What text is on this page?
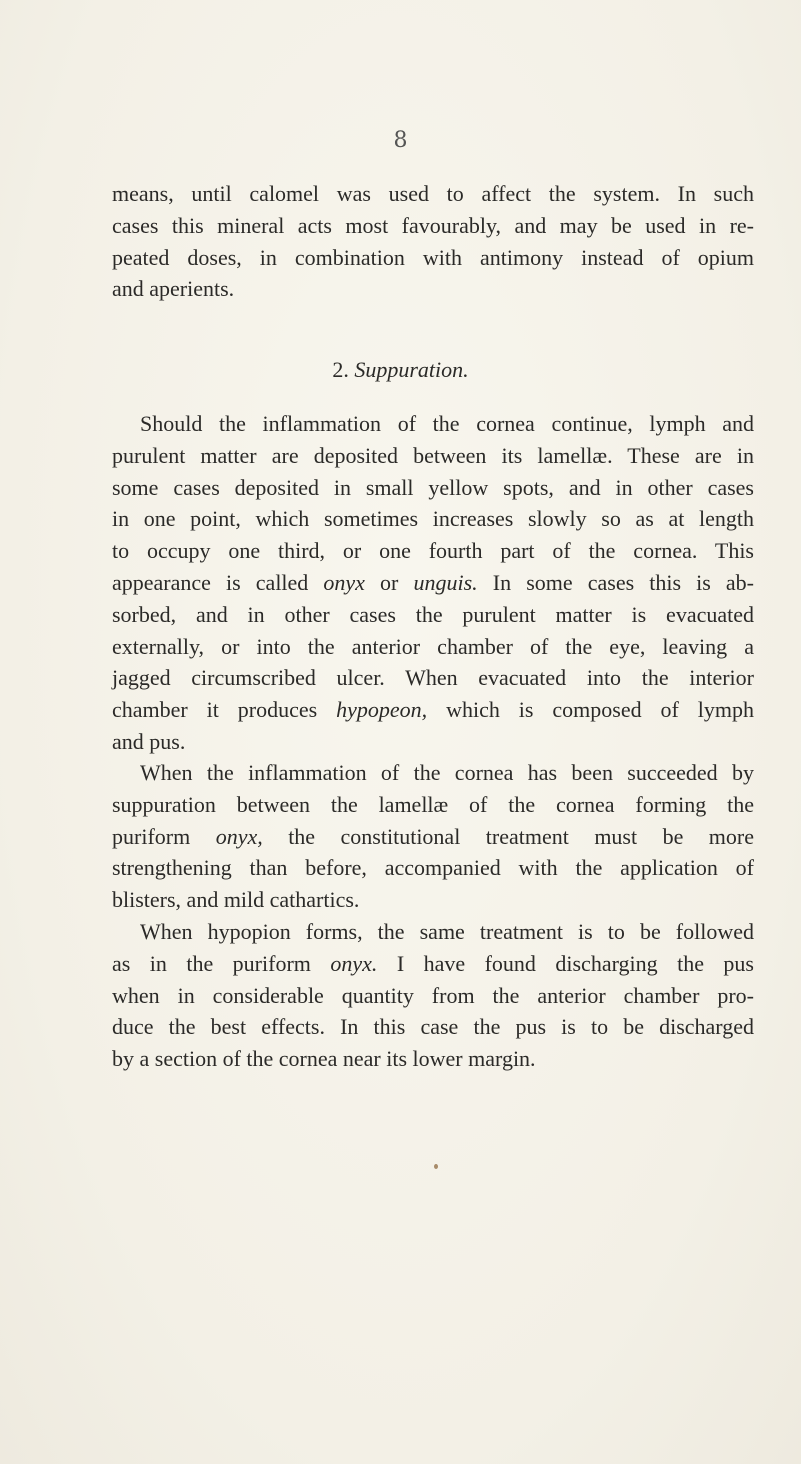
8
means, until calomel was used to affect the system. In such
cases this mineral acts most favourably, and may be used in re-
peated doses, in combination with antimony instead of opium
and aperients.
2. Suppuration.
Should the inflammation of the cornea continue, lymph and
purulent matter are deposited between its lamellæ. These are in
some cases deposited in small yellow spots, and in other cases
in one point, which sometimes increases slowly so as at length
to occupy one third, or one fourth part of the cornea. This
appearance is called onyx or unguis. In some cases this is ab-
sorbed, and in other cases the purulent matter is evacuated
externally, or into the anterior chamber of the eye, leaving a
jagged circumscribed ulcer. When evacuated into the interior
chamber it produces hypopeon, which is composed of lymph
and pus.
When the inflammation of the cornea has been succeeded by
suppuration between the lamellæ of the cornea forming the
puriform onyx, the constitutional treatment must be more
strengthening than before, accompanied with the application of
blisters, and mild cathartics.
When hypopion forms, the same treatment is to be followed
as in the puriform onyx. I have found discharging the pus
when in considerable quantity from the anterior chamber pro-
duce the best effects. In this case the pus is to be discharged
by a section of the cornea near its lower margin.
